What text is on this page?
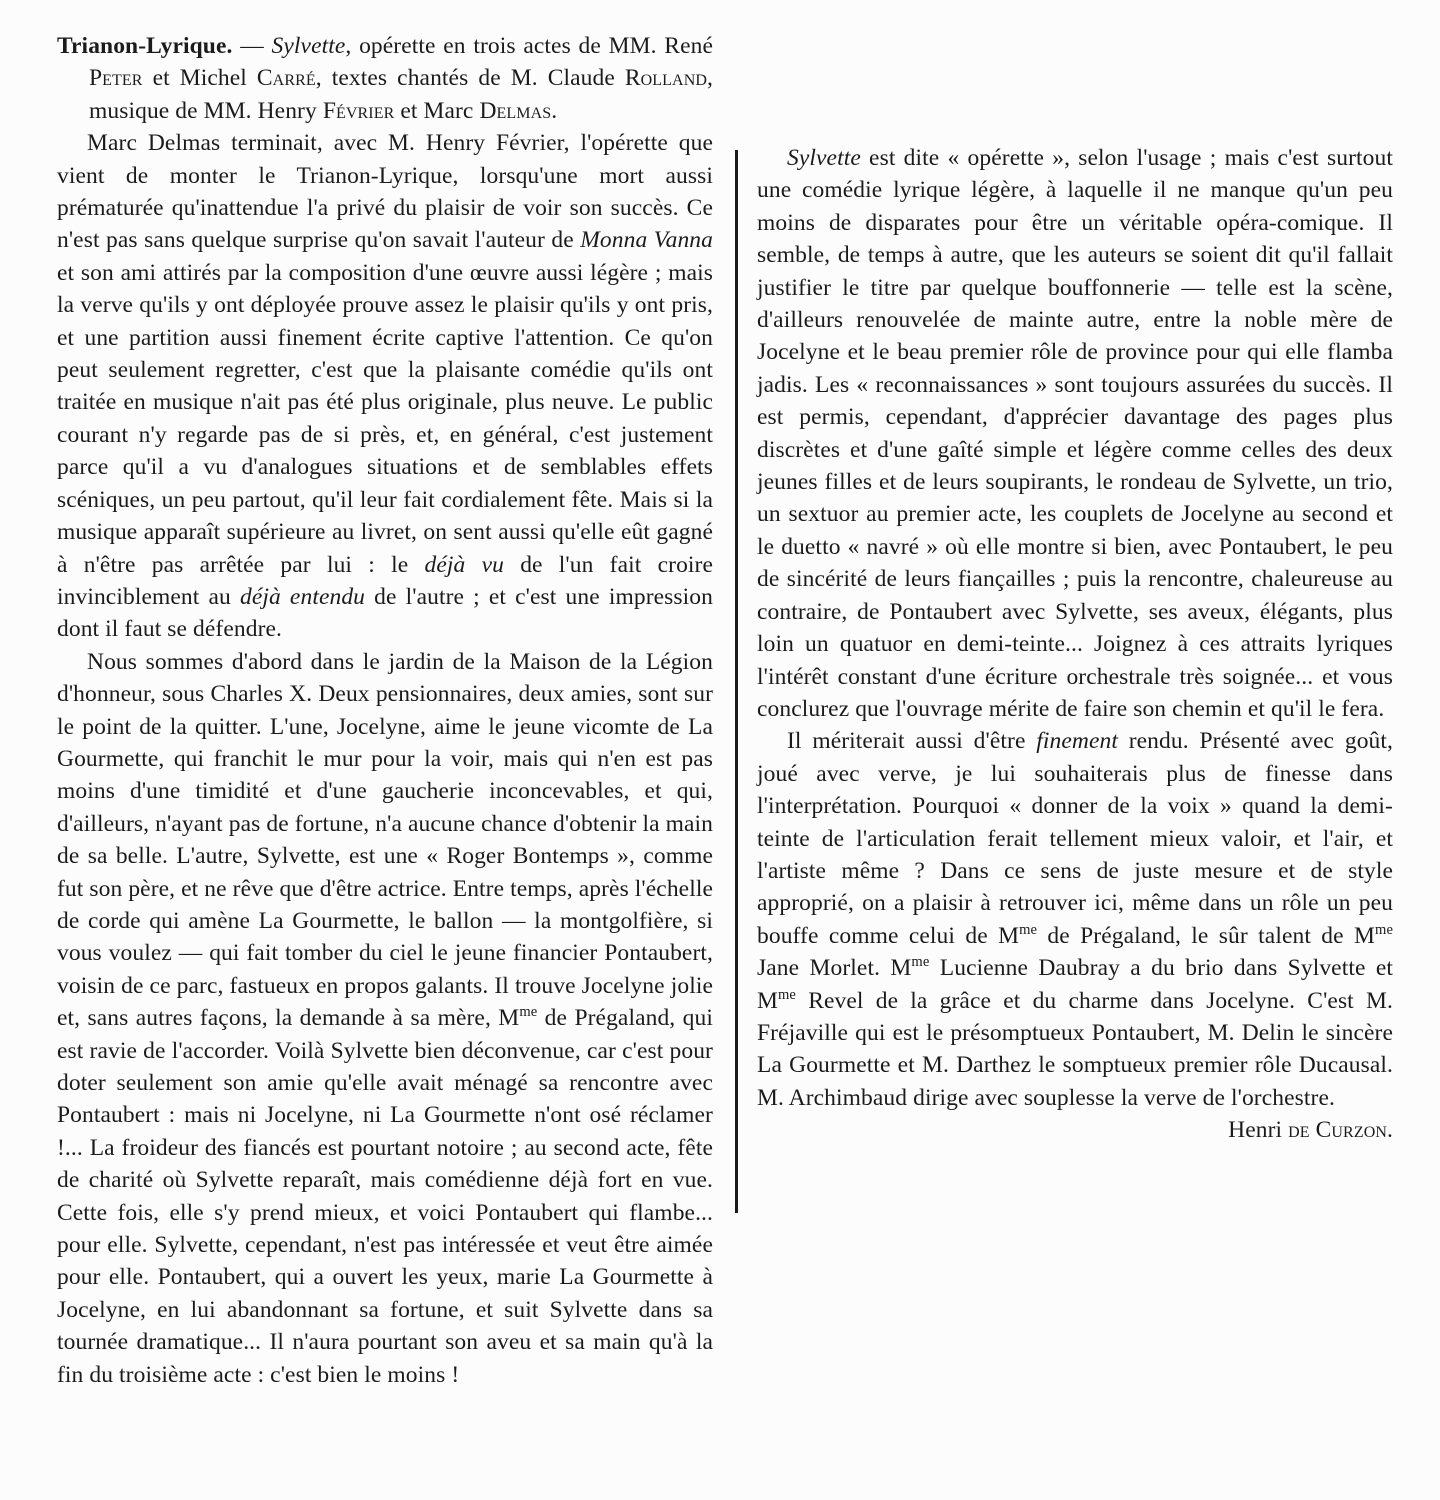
Trianon-Lyrique. — Sylvette, opérette en trois actes de MM. René Peter et Michel Carré, textes chantés de M. Claude Rolland, musique de MM. Henry Février et Marc Delmas.

Marc Delmas terminait, avec M. Henry Février, l'opérette que vient de monter le Trianon-Lyrique, lorsqu'une mort aussi prématurée qu'inattendue l'a privé du plaisir de voir son succès. Ce n'est pas sans quelque surprise qu'on savait l'auteur de Monna Vanna et son ami attirés par la composition d'une œuvre aussi légère ; mais la verve qu'ils y ont déployée prouve assez le plaisir qu'ils y ont pris, et une partition aussi finement écrite captive l'attention. Ce qu'on peut seulement regretter, c'est que la plaisante comédie qu'ils ont traitée en musique n'ait pas été plus originale, plus neuve. Le public courant n'y regarde pas de si près, et, en général, c'est justement parce qu'il a vu d'analogues situations et de semblables effets scéniques, un peu partout, qu'il leur fait cordialement fête. Mais si la musique apparaît supérieure au livret, on sent aussi qu'elle eût gagné à n'être pas arrêtée par lui : le déjà vu de l'un fait croire invinciblement au déjà entendu de l'autre ; et c'est une impression dont il faut se défendre.

Nous sommes d'abord dans le jardin de la Maison de la Légion d'honneur, sous Charles X. Deux pensionnaires, deux amies, sont sur le point de la quitter. L'une, Jocelyne, aime le jeune vicomte de La Gourmette, qui franchit le mur pour la voir, mais qui n'en est pas moins d'une timidité et d'une gaucherie inconcevables, et qui, d'ailleurs, n'ayant pas de fortune, n'a aucune chance d'obtenir la main de sa belle. L'autre, Sylvette, est une « Roger Bontemps », comme fut son père, et ne rêve que d'être actrice. Entre temps, après l'échelle de corde qui amène La Gourmette, le ballon — la montgolfière, si vous voulez — qui fait tomber du ciel le jeune financier Pontaubert, voisin de ce parc, fastueux en propos galants. Il trouve Jocelyne jolie et, sans autres façons, la demande à sa mère, $M^{me}$ de Prégaland, qui est ravie de l'accorder. Voilà Sylvette bien déconvenue, car c'est pour doter seulement son amie qu'elle avait ménagé sa rencontre avec Pontaubert : mais ni Jocelyne, ni La Gourmette n'ont osé réclamer !... La froideur des fiancés est pourtant notoire ; au second acte, fête de charité où Sylvette reparaît, mais comédienne déjà fort en vue. Cette fois, elle s'y prend mieux, et voici Pontaubert qui flambe... pour elle. Sylvette, cependant, n'est pas intéressée et veut être aimée pour elle. Pontaubert, qui a ouvert les yeux, marie La Gourmette à Jocelyne, en lui abandonnant sa fortune, et suit Sylvette dans sa tournée dramatique... Il n'aura pourtant son aveu et sa main qu'à la fin du troisième acte : c'est bien le moins !

Sylvette est dite « opérette », selon l'usage ; mais c'est surtout une comédie lyrique légère, à laquelle il ne manque qu'un peu moins de disparates pour être un véritable opéra-comique. Il semble, de temps à autre, que les auteurs se soient dit qu'il fallait justifier le titre par quelque bouffonnerie — telle est la scène, d'ailleurs renouvelée de mainte autre, entre la noble mère de Jocelyne et le beau premier rôle de province pour qui elle flamba jadis. Les « reconnaissances » sont toujours assurées du succès. Il est permis, cependant, d'apprécier davantage des pages plus discrètes et d'une gaîté simple et légère comme celles des deux jeunes filles et de leurs soupirants, le rondeau de Sylvette, un trio, un sextuor au premier acte, les couplets de Jocelyne au second et le duetto « navré » où elle montre si bien, avec Pontaubert, le peu de sincérité de leurs fiançailles ; puis la rencontre, chaleureuse au contraire, de Pontaubert avec Sylvette, ses aveux, élégants, plus loin un quatuor en demi-teinte... Joignez à ces attraits lyriques l'intérêt constant d'une écriture orchestrale très soignée... et vous conclurez que l'ouvrage mérite de faire son chemin et qu'il le fera.

Il mériterait aussi d'être finement rendu. Présenté avec goût, joué avec verve, je lui souhaiterais plus de finesse dans l'interprétation. Pourquoi « donner de la voix » quand la demi-teinte de l'articulation ferait tellement mieux valoir, et l'air, et l'artiste même ? Dans ce sens de juste mesure et de style approprié, on a plaisir à retrouver ici, même dans un rôle un peu bouffe comme celui de $M^{me}$ de Prégaland, le sûr talent de $M^{me}$ Jane Morlet. $M^{me}$ Lucienne Daubray a du brio dans Sylvette et $M^{me}$ Revel de la grâce et du charme dans Jocelyne. C'est M. Fréjaville qui est le présomptueux Pontaubert, M. Delin le sincère La Gourmette et M. Darthez le somptueux premier rôle Ducausal. M. Archimbaud dirige avec souplesse la verve de l'orchestre.
Henri de Curzon.
